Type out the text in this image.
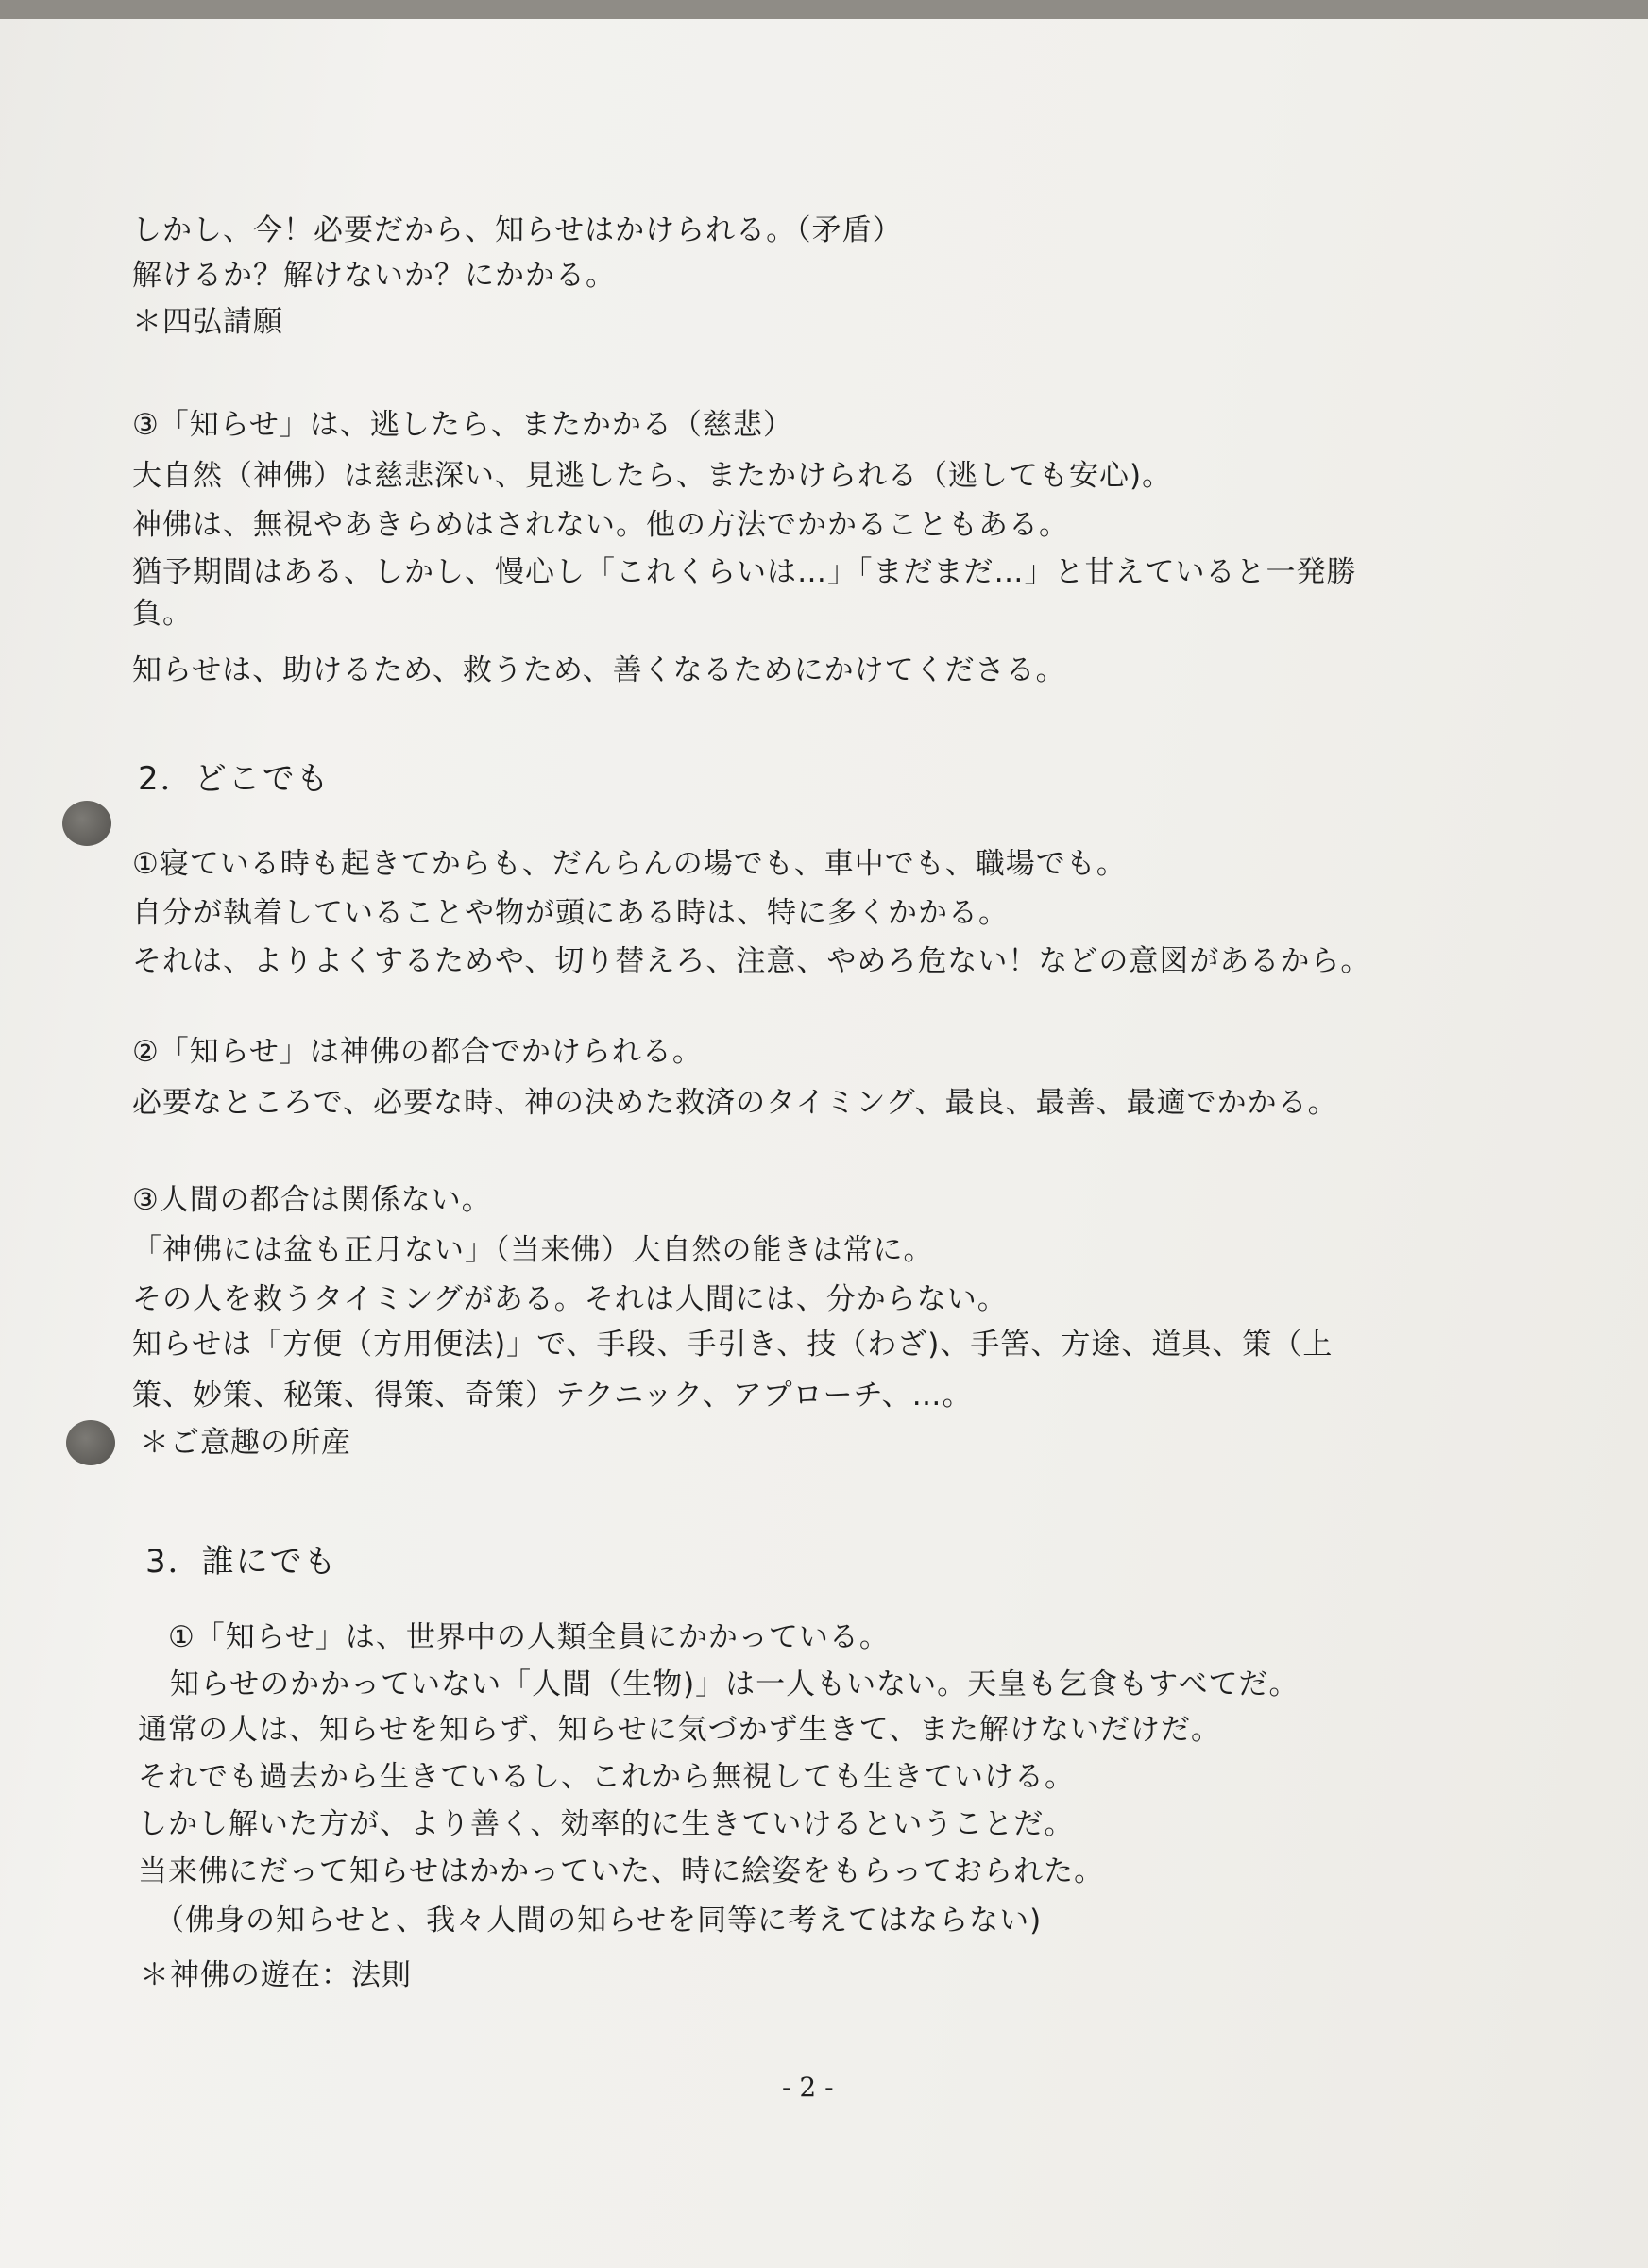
しかし、今！必要だから、知らせはかけられる。（矛盾）
解けるか？解けないか？にかかる。
＊四弘請願
③「知らせ」は、逃したら、またかかる（慈悲）
大自然（神佛）は慈悲深い、見逃したら、またかけられる（逃しても安心)。
神佛は、無視やあきらめはされない。他の方法でかかることもある。
猶予期間はある、しかし、慢心し「これくらいは…」「まだまだ…」と甘えていると一発勝
負。
知らせは、助けるため、救うため、善くなるためにかけてくださる。
2．どこでも
①寝ている時も起きてからも、だんらんの場でも、車中でも、職場でも。
自分が執着していることや物が頭にある時は、特に多くかかる。
それは、よりよくするためや、切り替えろ、注意、やめろ危ない！などの意図があるから。
②「知らせ」は神佛の都合でかけられる。
必要なところで、必要な時、神の決めた救済のタイミング、最良、最善、最適でかかる。
③人間の都合は関係ない。
「神佛には盆も正月ない」（当来佛）大自然の能きは常に。
その人を救うタイミングがある。それは人間には、分からない。
知らせは「方便（方用便法)」で、手段、手引き、技（わざ)、手筈、方途、道具、策（上
策、妙策、秘策、得策、奇策）テクニック、アプローチ、…。
＊ご意趣の所産
3．誰にでも
①「知らせ」は、世界中の人類全員にかかっている。
知らせのかかっていない「人間（生物)」は一人もいない。天皇も乞食もすべてだ。
通常の人は、知らせを知らず、知らせに気づかず生きて、また解けないだけだ。
それでも過去から生きているし、これから無視しても生きていける。
しかし解いた方が、より善く、効率的に生きていけるということだ。
当来佛にだって知らせはかかっていた、時に絵姿をもらっておられた。
（佛身の知らせと、我々人間の知らせを同等に考えてはならない)
＊神佛の遊在：法則
- 2 -
